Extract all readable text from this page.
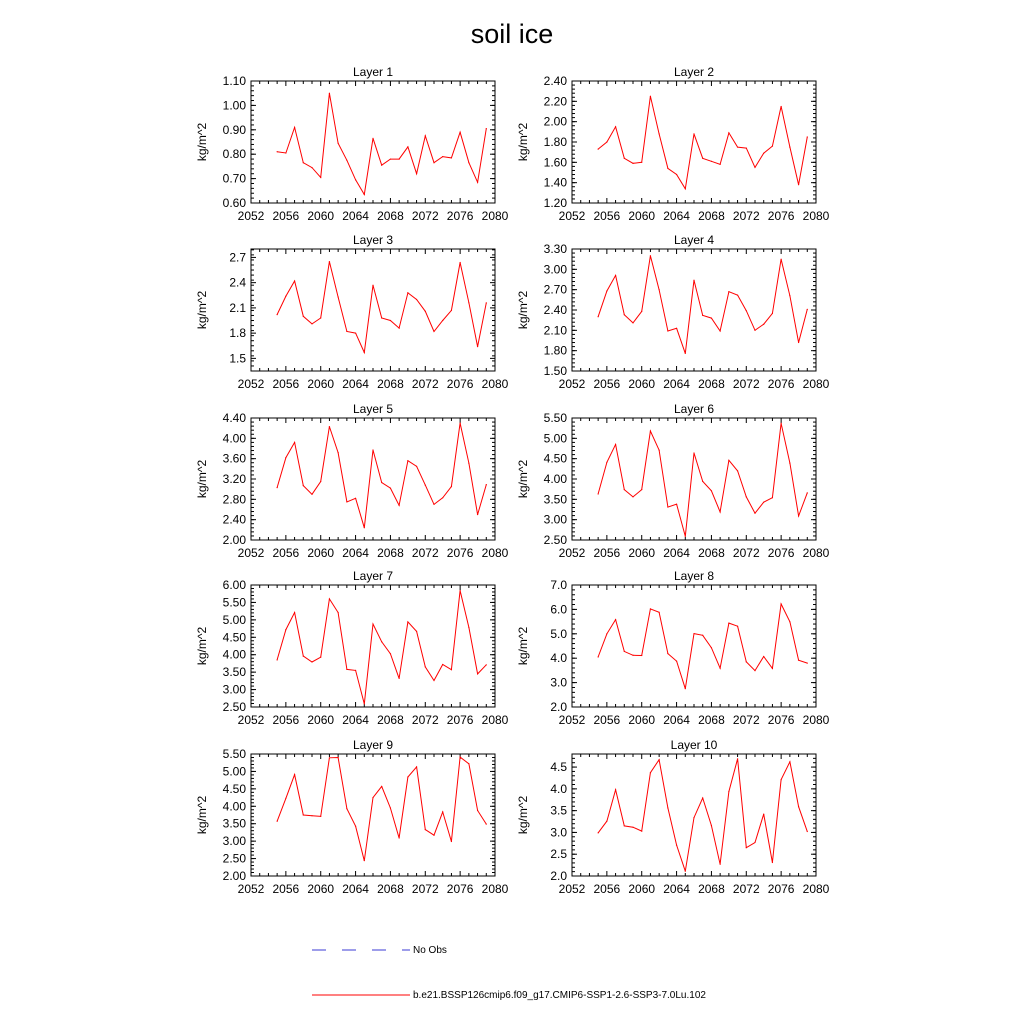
soil ice
Layer 1
kg/m^2
2052 2056 2060 2064 2068 2072 2076 2080
0.60
0.70
0.80
0.90
1.00
1.10
Layer 2
kg/m^2
2052 2056 2060 2064 2068 2072 2076 2080
1.20
1.40
1.60
1.80
2.00
2.20
2.40
Layer 3
kg/m^2
2052 2056 2060 2064 2068 2072 2076 2080
1.5
1.8
2.1
2.4
2.7
Layer 4
kg/m^2
2052 2056 2060 2064 2068 2072 2076 2080
1.50
1.80
2.10
2.40
2.70
3.00
3.30
Layer 5
kg/m^2
2052 2056 2060 2064 2068 2072 2076 2080
2.00
2.40
2.80
3.20
3.60
4.00
4.40
Layer 6
kg/m^2
2052 2056 2060 2064 2068 2072 2076 2080
2.50
3.00
3.50
4.00
4.50
5.00
5.50
Layer 7
kg/m^2
2052 2056 2060 2064 2068 2072 2076 2080
2.50
3.00
3.50
4.00
4.50
5.00
5.50
6.00
Layer 8
kg/m^2
2052 2056 2060 2064 2068 2072 2076 2080
2.0
3.0
4.0
5.0
6.0
7.0
Layer 9
kg/m^2
2052 2056 2060 2064 2068 2072 2076 2080
2.00
2.50
3.00
3.50
4.00
4.50
5.00
5.50
Layer 10
kg/m^2
2052 2056 2060 2064 2068 2072 2076 2080
2.0
2.5
3.0
3.5
4.0
4.5
No Obs
b.e21.BSSP126cmip6.f09_g17.CMIP6-SSP1-2.6-SSP3-7.0Lu.102
